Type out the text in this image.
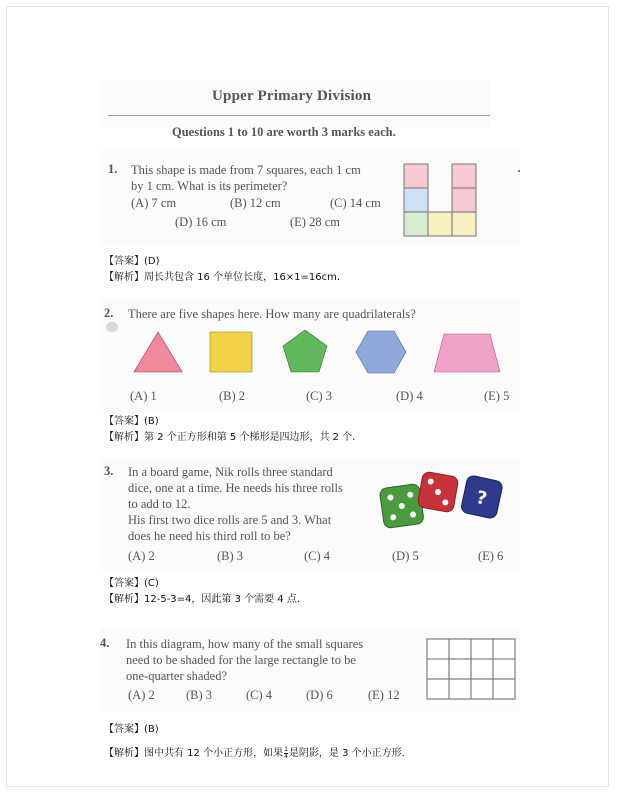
Upper Primary Division
Questions 1 to 10 are worth 3 marks each.
1. This shape is made from 7 squares, each 1 cm
by 1 cm. What is its perimeter?
(A) 7 cm	(B) 12 cm	(C) 14 cm
(D) 16 cm	(E) 28 cm
【答案】(D)
【解析】周长共包含 16 个单位长度，16×1=16cm.
2. There are five shapes here. How many are quadrilaterals?
(A) 1	(B) 2	(C) 3	(D) 4	(E) 5
【答案】(B)
【解析】第 2 个正方形和第 5 个梯形是四边形，共 2 个.
3. In a board game, Nik rolls three standard
dice, one at a time. He needs his three rolls
to add to 12.
His first two dice rolls are 5 and 3. What
does he need his third roll to be?
?
(A) 2	(B) 3	(C) 4	(D) 5	(E) 6
【答案】(C)
【解析】12-5-3=4，因此第 3 个需要 4 点.
4. In this diagram, how many of the small squares
need to be shaded for the large rectangle to be
one-quarter shaded?
(A) 2	(B) 3	(C) 4	(D) 6	(E) 12
【答案】(B)
【解析】图中共有 12 个小正方形，如果 $\frac{1}{4}$ 是阴影，是 3 个小正方形.
